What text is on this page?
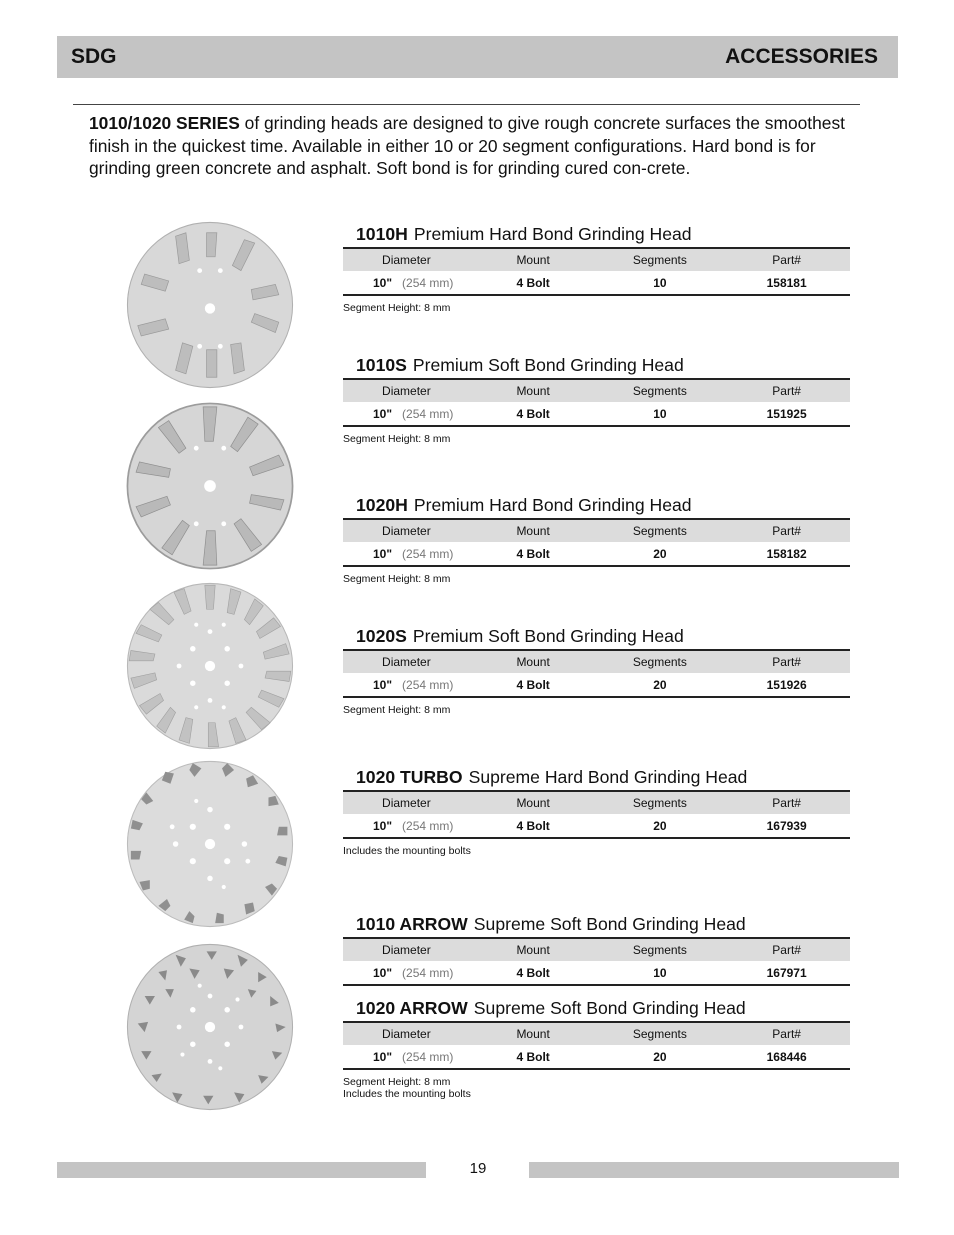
SDG	ACCESSORIES
1010/1020 SERIES of grinding heads are designed to give rough concrete surfaces the smoothest finish in the quickest time. Available in either 10 or 20 segment configurations. Hard bond is for grinding green concrete and asphalt. Soft bond is for grinding cured con-crete.
1010H Premium Hard Bond Grinding Head
Diameter	Mount	Segments	Part#
10" (254 mm)	4 Bolt	10	158181
Segment Height: 8 mm
1010S Premium Soft Bond Grinding Head
Diameter	Mount	Segments	Part#
10" (254 mm)	4 Bolt	10	151925
Segment Height: 8 mm
1020H Premium Hard Bond Grinding Head
Diameter	Mount	Segments	Part#
10" (254 mm)	4 Bolt	20	158182
Segment Height: 8 mm
1020S Premium Soft Bond Grinding Head
Diameter	Mount	Segments	Part#
10" (254 mm)	4 Bolt	20	151926
Segment Height: 8 mm
1020 TURBO Supreme Hard Bond Grinding Head
Diameter	Mount	Segments	Part#
10" (254 mm)	4 Bolt	20	167939
Includes the mounting bolts
1010 ARROW Supreme Soft Bond Grinding Head
Diameter	Mount	Segments	Part#
10" (254 mm)	4 Bolt	10	167971
1020 ARROW Supreme Soft Bond Grinding Head
Diameter	Mount	Segments	Part#
10" (254 mm)	4 Bolt	20	168446
Segment Height: 8 mm
Includes the mounting bolts
19
